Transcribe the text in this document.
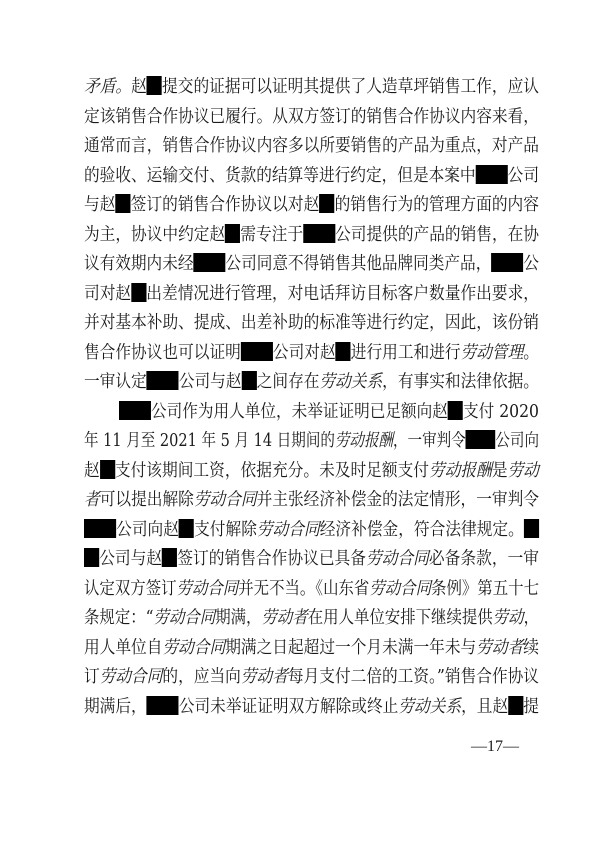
矛盾。赵 提交的证据可以证明其提供了人造草坪销售工作，应认
定该销售合作协议已履行。从双方签订的销售合作协议内容来看，
通常而言，销售合作协议内容多以所要销售的产品为重点，对产品
的验收、运输交付、货款的结算等进行约定，但是本案中 公司
与赵 签订的销售合作协议以对赵 的销售行为的管理方面的内容
为主，协议中约定赵 需专注于 公司提供的产品的销售，在协
议有效期内未经 公司同意不得销售其他品牌同类产品， 公
司对赵 出差情况进行管理，对电话拜访目标客户数量作出要求，
并对基本补助、提成、出差补助的标准等进行约定，因此，该份销
售合作协议也可以证明 公司对赵 进行用工和进行劳动管理。
一审认定 公司与赵 之间存在劳动关系，有事实和法律依据。
公司作为用人单位，未举证证明已足额向赵 支付 2020
年 11 月至 2021 年 5 月 14 日期间的劳动报酬，一审判令 公司向
赵 支付该期间工资，依据充分。未及时足额支付劳动报酬是劳动
者可以提出解除劳动合同并主张经济补偿金的法定情形，一审判令
公司向赵 支付解除劳动合同经济补偿金，符合法律规定。
公司与赵 签订的销售合作协议已具备劳动合同必备条款，一审
认定双方签订劳动合同并无不当。《山东省劳动合同条例》第五十七
条规定：“劳动合同期满，劳动者在用人单位安排下继续提供劳动，
用人单位自劳动合同期满之日起超过一个月未满一年未与劳动者续
订劳动合同的，应当向劳动者每月支付二倍的工资。”销售合作协议
期满后， 公司未举证证明双方解除或终止劳动关系，且赵 提
—17—
